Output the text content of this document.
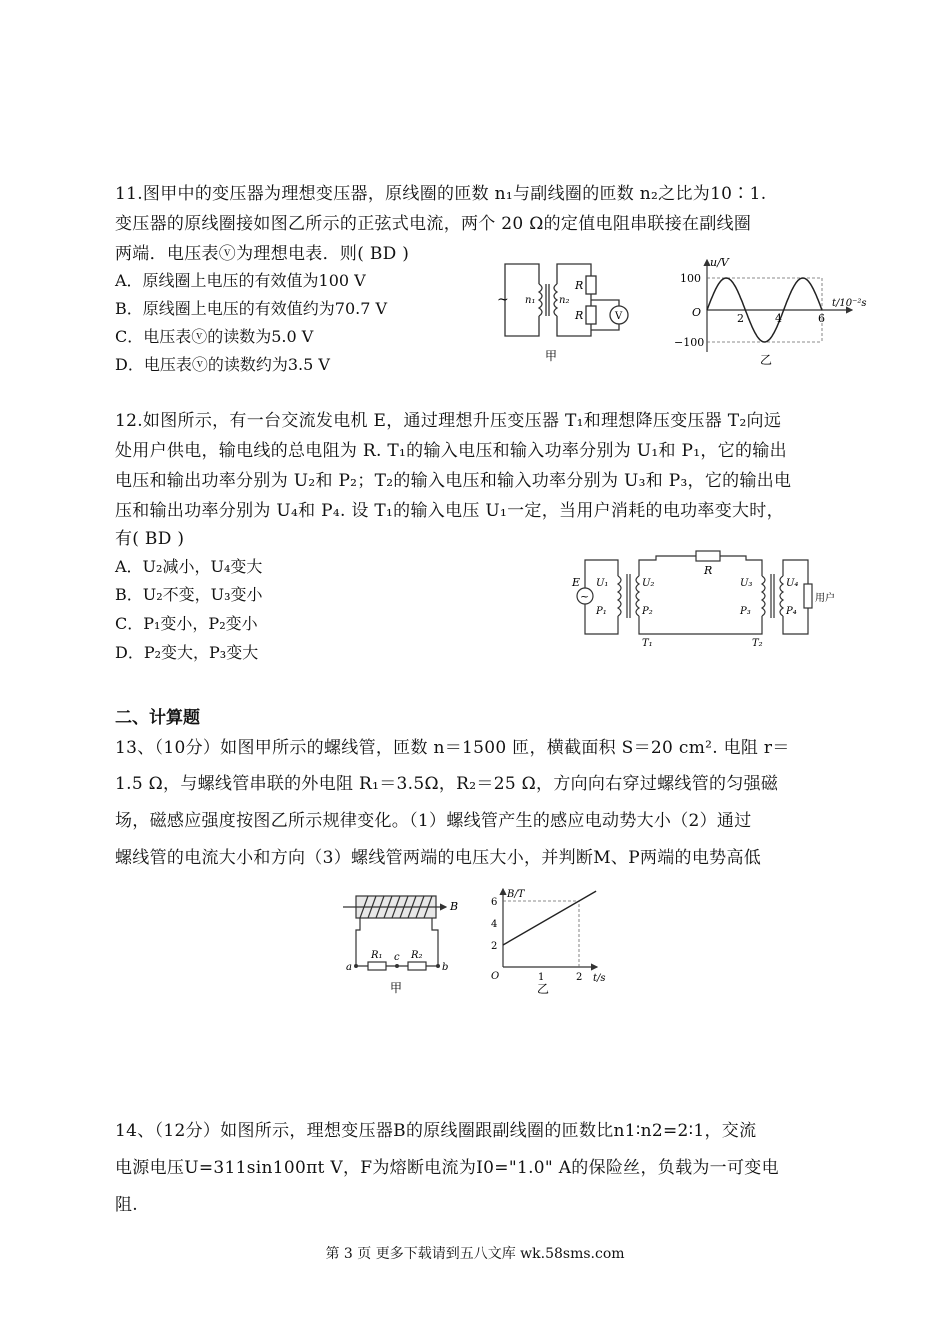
11.图甲中的变压器为理想变压器，原线圈的匝数 n₁与副线圈的匝数 n₂之比为10∶1.
变压器的原线圈接如图乙所示的正弦式电流，两个 20 Ω的定值电阻串联接在副线圈
两端．电压表ⓥ为理想电表．则( BD )
A．原线圈上电压的有效值为100 V
B．原线圈上电压的有效值约为70.7 V
C．电压表ⓥ的读数为5.0 V
D．电压表ⓥ的读数约为3.5 V
~ n₁ n₂
R
R	V
甲
u/V
t/10⁻²s
100
−100
O	2	4	6
乙
12.如图所示，有一台交流发电机 E，通过理想升压变压器 T₁和理想降压变压器 T₂向远
处用户供电，输电线的总电阻为 R. T₁的输入电压和输入功率分别为 U₁和 P₁，它的输出
电压和输出功率分别为 U₂和 P₂；T₂的输入电压和输入功率分别为 U₃和 P₃，它的输出电
压和输出功率分别为 U₄和 P₄. 设 T₁的输入电压 U₁一定，当用户消耗的电功率变大时，
有( BD )
A．U₂减小，U₄变大
B．U₂不变，U₃变小
C．P₁变小，P₂变小
D．P₂变大，P₃变大
~
E
R
U₁
P₁
U₂
P₂
U₃
P₃
U₄
P₄
T₁	T₂
用户
二、计算题
13、（10分）如图甲所示的螺线管，匝数 n＝1500 匝，横截面积 S＝20 cm². 电阻 r＝
1.5 Ω，与螺线管串联的外电阻 R₁＝3.5Ω，R₂＝25 Ω，方向向右穿过螺线管的匀强磁
场，磁感应强度按图乙所示规律变化。（1）螺线管产生的感应电动势大小（2）通过
螺线管的电流大小和方向（3）螺线管两端的电压大小，并判断M、P两端的电势高低
B
R₁	R₂
c
a	b
甲
B/T
t/s
O
2
4
6
1	2
乙
14、（12分）如图所示，理想变压器B的原线圈跟副线圈的匝数比n1∶n2=2∶1，交流
电源电压U=311sin100πt V，F为熔断电流为I0="1.0" A的保险丝，负载为一可变电
阻.
第 3 页 更多下载请到五八文库 wk.58sms.com
